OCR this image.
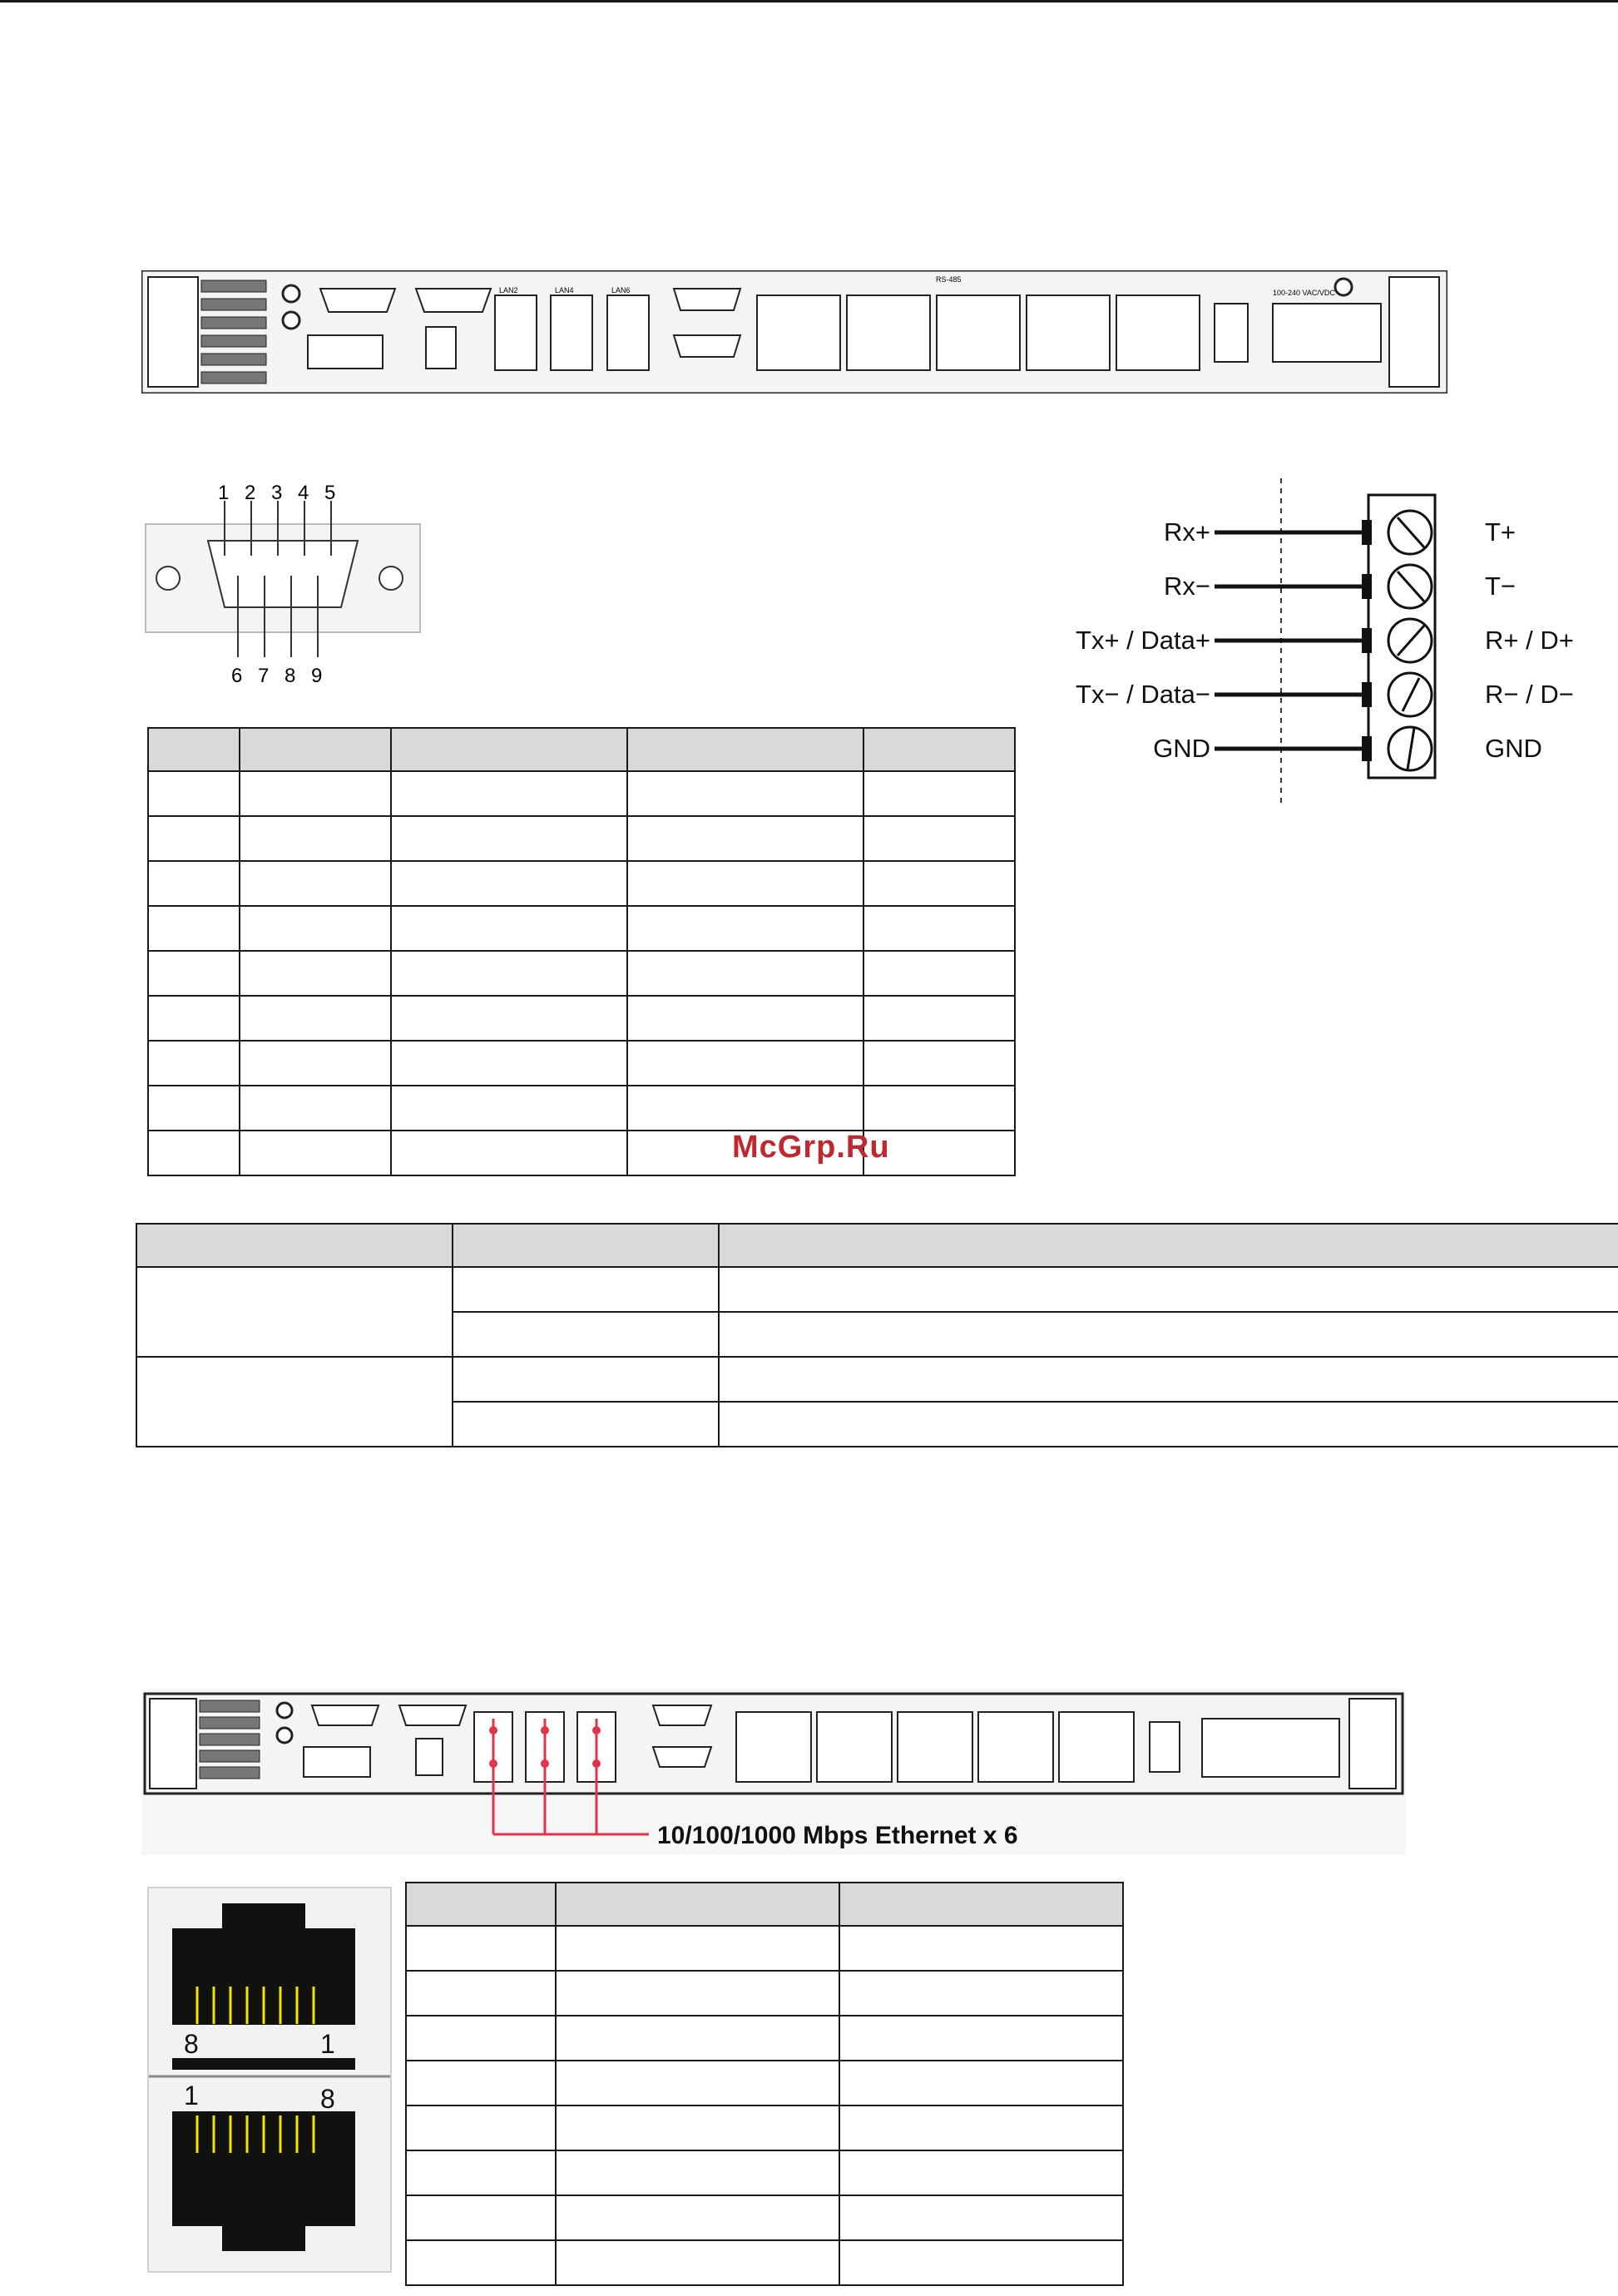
LAN2	LAN4	LAN6
RS-485
100-240 VAC/VDC
1 2 3 4 5
6 7 8 9
Rx+
Rx−
Tx+ / Data+
Tx− / Data−
GND
T+
T−
R+ / D+
R− / D−
GND

McGrp.Ru

10/100/1000 Mbps Ethernet x 6
8	1
1	8
